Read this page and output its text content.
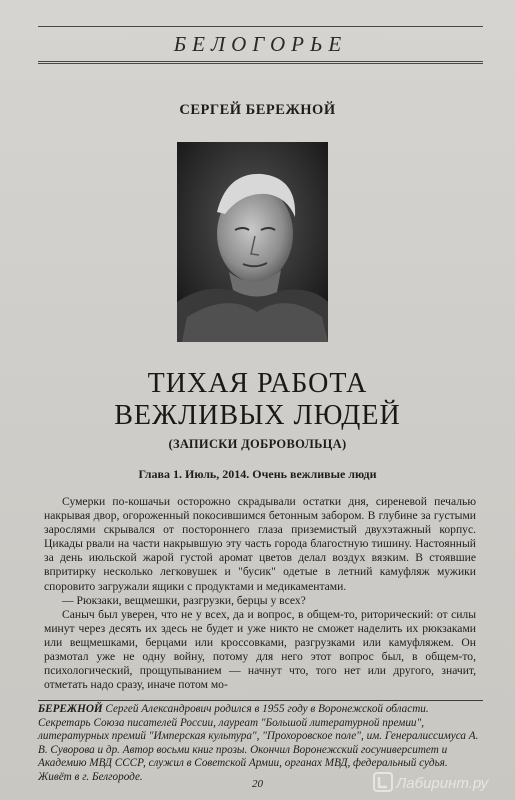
БЕЛОГОРЬЕ
СЕРГЕЙ БЕРЕЖНОЙ
ТИХАЯ РАБОТА
ВЕЖЛИВЫХ ЛЮДЕЙ
(ЗАПИСКИ ДОБРОВОЛЬЦА)
Глава 1. Июль, 2014. Очень вежливые люди

Сумерки по-кошачьи осторожно скрадывали остатки дня, сиреневой печалью накрывая двор, огороженный покосившимся бетонным забором. В глубине за густыми зарослями скрывался от постороннего глаза приземистый двухэтажный корпус. Цикады рвали на части накрывшую эту часть города благостную тишину. Настоянный за день июльской жарой густой аромат цветов делал воздух вязким. В стоявшие впритирку несколько легковушек и "бусик" одетые в летний камуфляж мужики споровито загружали ящики с продуктами и медикаментами.

— Рюкзаки, вещмешки, разгрузки, берцы у всех?

Саныч был уверен, что не у всех, да и вопрос, в общем-то, риторический: от силы минут через десять их здесь не будет и уже никто не сможет наделить их рюкзаками или вещмешками, берцами или кроссовками, разгрузками или камуфляжем. Он размотал уже не одну войну, потому для него этот вопрос был, в общем-то, психологический, прощупыванием — начнут что, того нет или другого, значит, отметать надо сразу, иначе потом мо-

БЕРЕЖНОЙ Сергей Александрович родился в 1955 году в Воронежской области. Секретарь Союза писателей России, лауреат "Большой литературной премии", литературных премий "Имперская культура", "Прохоровское поле", им. Генералиссимуса А. В. Суворова и др. Автор восьми книг прозы. Окончил Воронежский госуниверситет и Академию МВД СССР, служил в Советской Армии, органах МВД, федеральный судья. Живёт в г. Белгороде.
20	Лабиринт.ру
